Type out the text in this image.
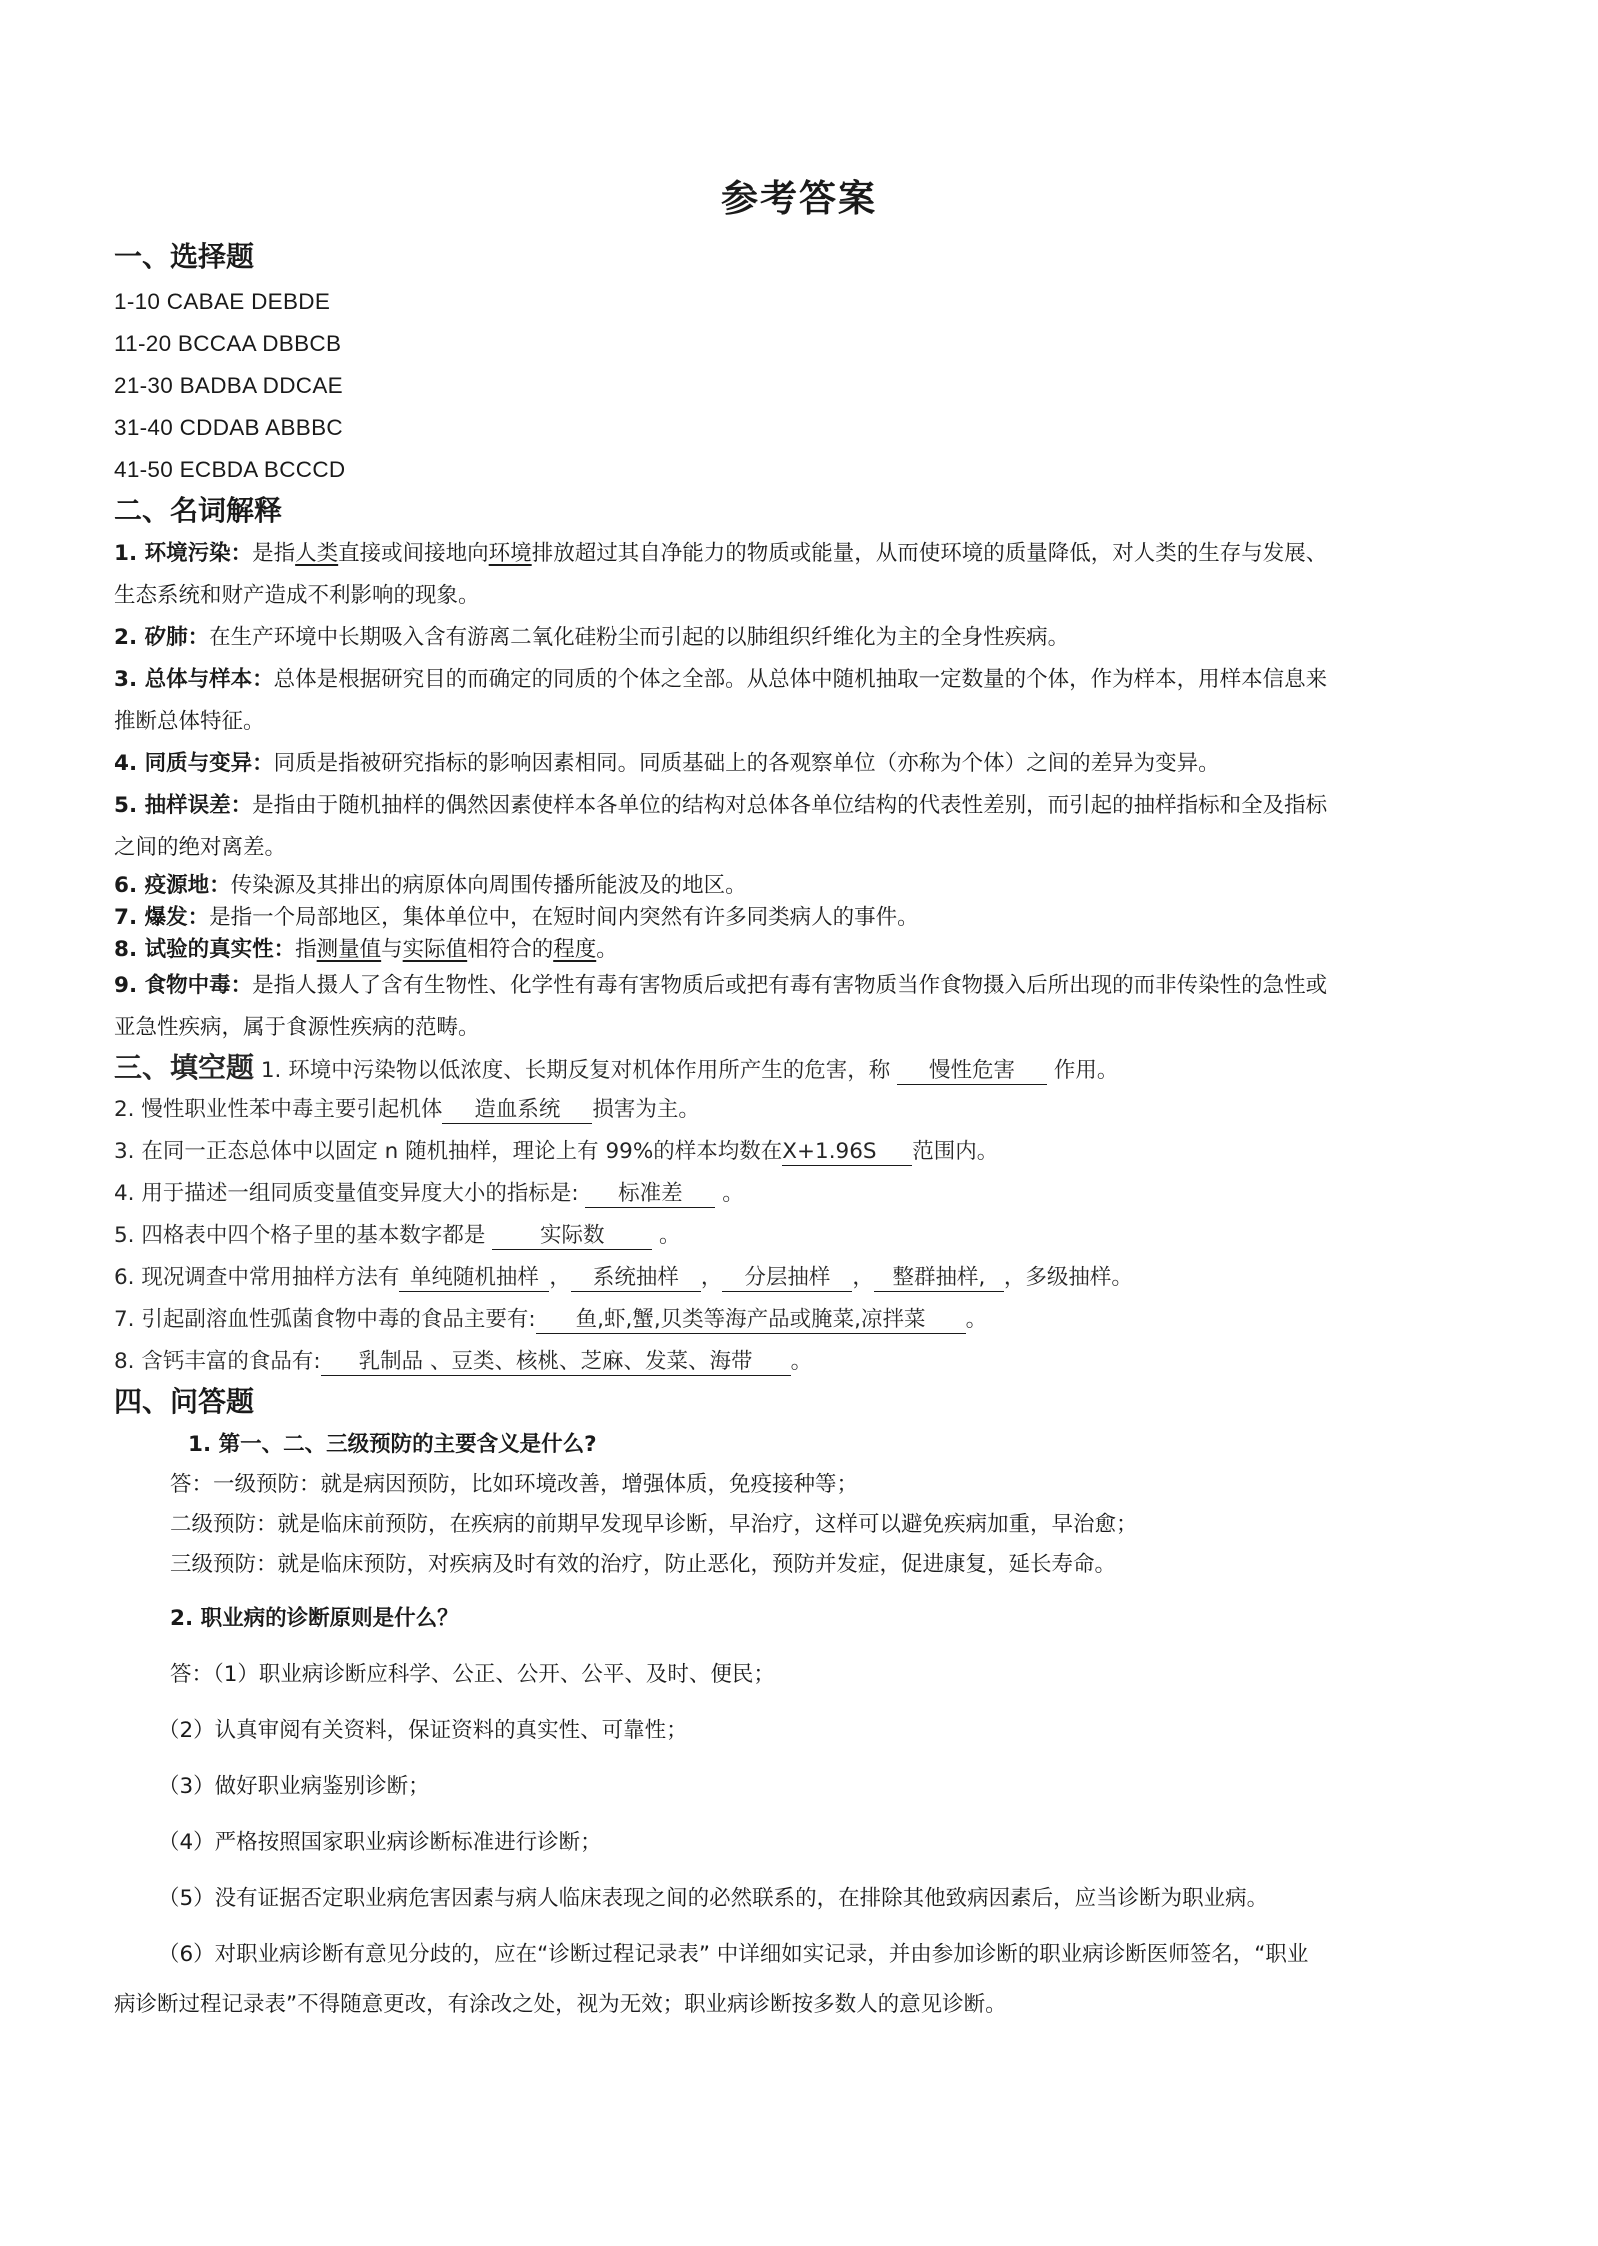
参考答案
一、选择题
1-10 CABAE DEBDE
11-20 BCCAA DBBCB
21-30 BADBA DDCAE
31-40 CDDAB ABBBC
41-50 ECBDA BCCCD
二、名词解释
1. 环境污染：是指人类直接或间接地向环境排放超过其自净能力的物质或能量，从而使环境的质量降低，对人类的生存与发展、
生态系统和财产造成不利影响的现象。
2. 矽肺：在生产环境中长期吸入含有游离二氧化硅粉尘而引起的以肺组织纤维化为主的全身性疾病。
3. 总体与样本：总体是根据研究目的而确定的同质的个体之全部。从总体中随机抽取一定数量的个体，作为样本，用样本信息来
推断总体特征。
4. 同质与变异：同质是指被研究指标的影响因素相同。同质基础上的各观察单位（亦称为个体）之间的差异为变异。
5. 抽样误差：是指由于随机抽样的偶然因素使样本各单位的结构对总体各单位结构的代表性差别，而引起的抽样指标和全及指标
之间的绝对离差。
6. 疫源地：传染源及其排出的病原体向周围传播所能波及的地区。
7. 爆发：是指一个局部地区，集体单位中，在短时间内突然有许多同类病人的事件。
8. 试验的真实性：指测量值与实际值相符合的程度。
9. 食物中毒：是指人摄人了含有生物性、化学性有毒有害物质后或把有毒有害物质当作食物摄入后所出现的而非传染性的急性或
亚急性疾病，属于食源性疾病的范畴。
三、填空题 1. 环境中污染物以低浓度、长期反复对机体作用所产生的危害，称 慢性危害 作用。
2. 慢性职业性苯中毒主要引起机体 造血系统 损害为主。
3. 在同一正态总体中以固定 n 随机抽样，理论上有 99%的样本均数在X+1.96S 范围内。
4. 用于描述一组同质变量值变异度大小的指标是: 标准差 。
5. 四格表中四个格子里的基本数字都是	实际数	。
6. 现况调查中常用抽样方法有 单纯随机抽样 ， 系统抽样 ， 分层抽样 ， 整群抽样, ，多级抽样。
7. 引起副溶血性弧菌食物中毒的食品主要有: 鱼,虾,蟹,贝类等海产品或腌菜,凉拌菜 。
8. 含钙丰富的食品有: 乳制品 、豆类、核桃、芝麻、发菜、海带 。
四、问答题
1. 第一、二、三级预防的主要含义是什么?
答：一级预防：就是病因预防，比如环境改善，增强体质，免疫接种等；
二级预防：就是临床前预防，在疾病的前期早发现早诊断，早治疗，这样可以避免疾病加重，早治愈；
三级预防：就是临床预防，对疾病及时有效的治疗，防止恶化，预防并发症，促进康复，延长寿命。
2. 职业病的诊断原则是什么？
答：（1）职业病诊断应科学、公正、公开、公平、及时、便民；
（2）认真审阅有关资料，保证资料的真实性、可靠性；
（3）做好职业病鉴别诊断；
（4）严格按照国家职业病诊断标准进行诊断；
（5）没有证据否定职业病危害因素与病人临床表现之间的必然联系的，在排除其他致病因素后，应当诊断为职业病。
（6）对职业病诊断有意见分歧的，应在“诊断过程记录表” 中详细如实记录，并由参加诊断的职业病诊断医师签名，“职业
病诊断过程记录表”不得随意更改，有涂改之处，视为无效；职业病诊断按多数人的意见诊断。
